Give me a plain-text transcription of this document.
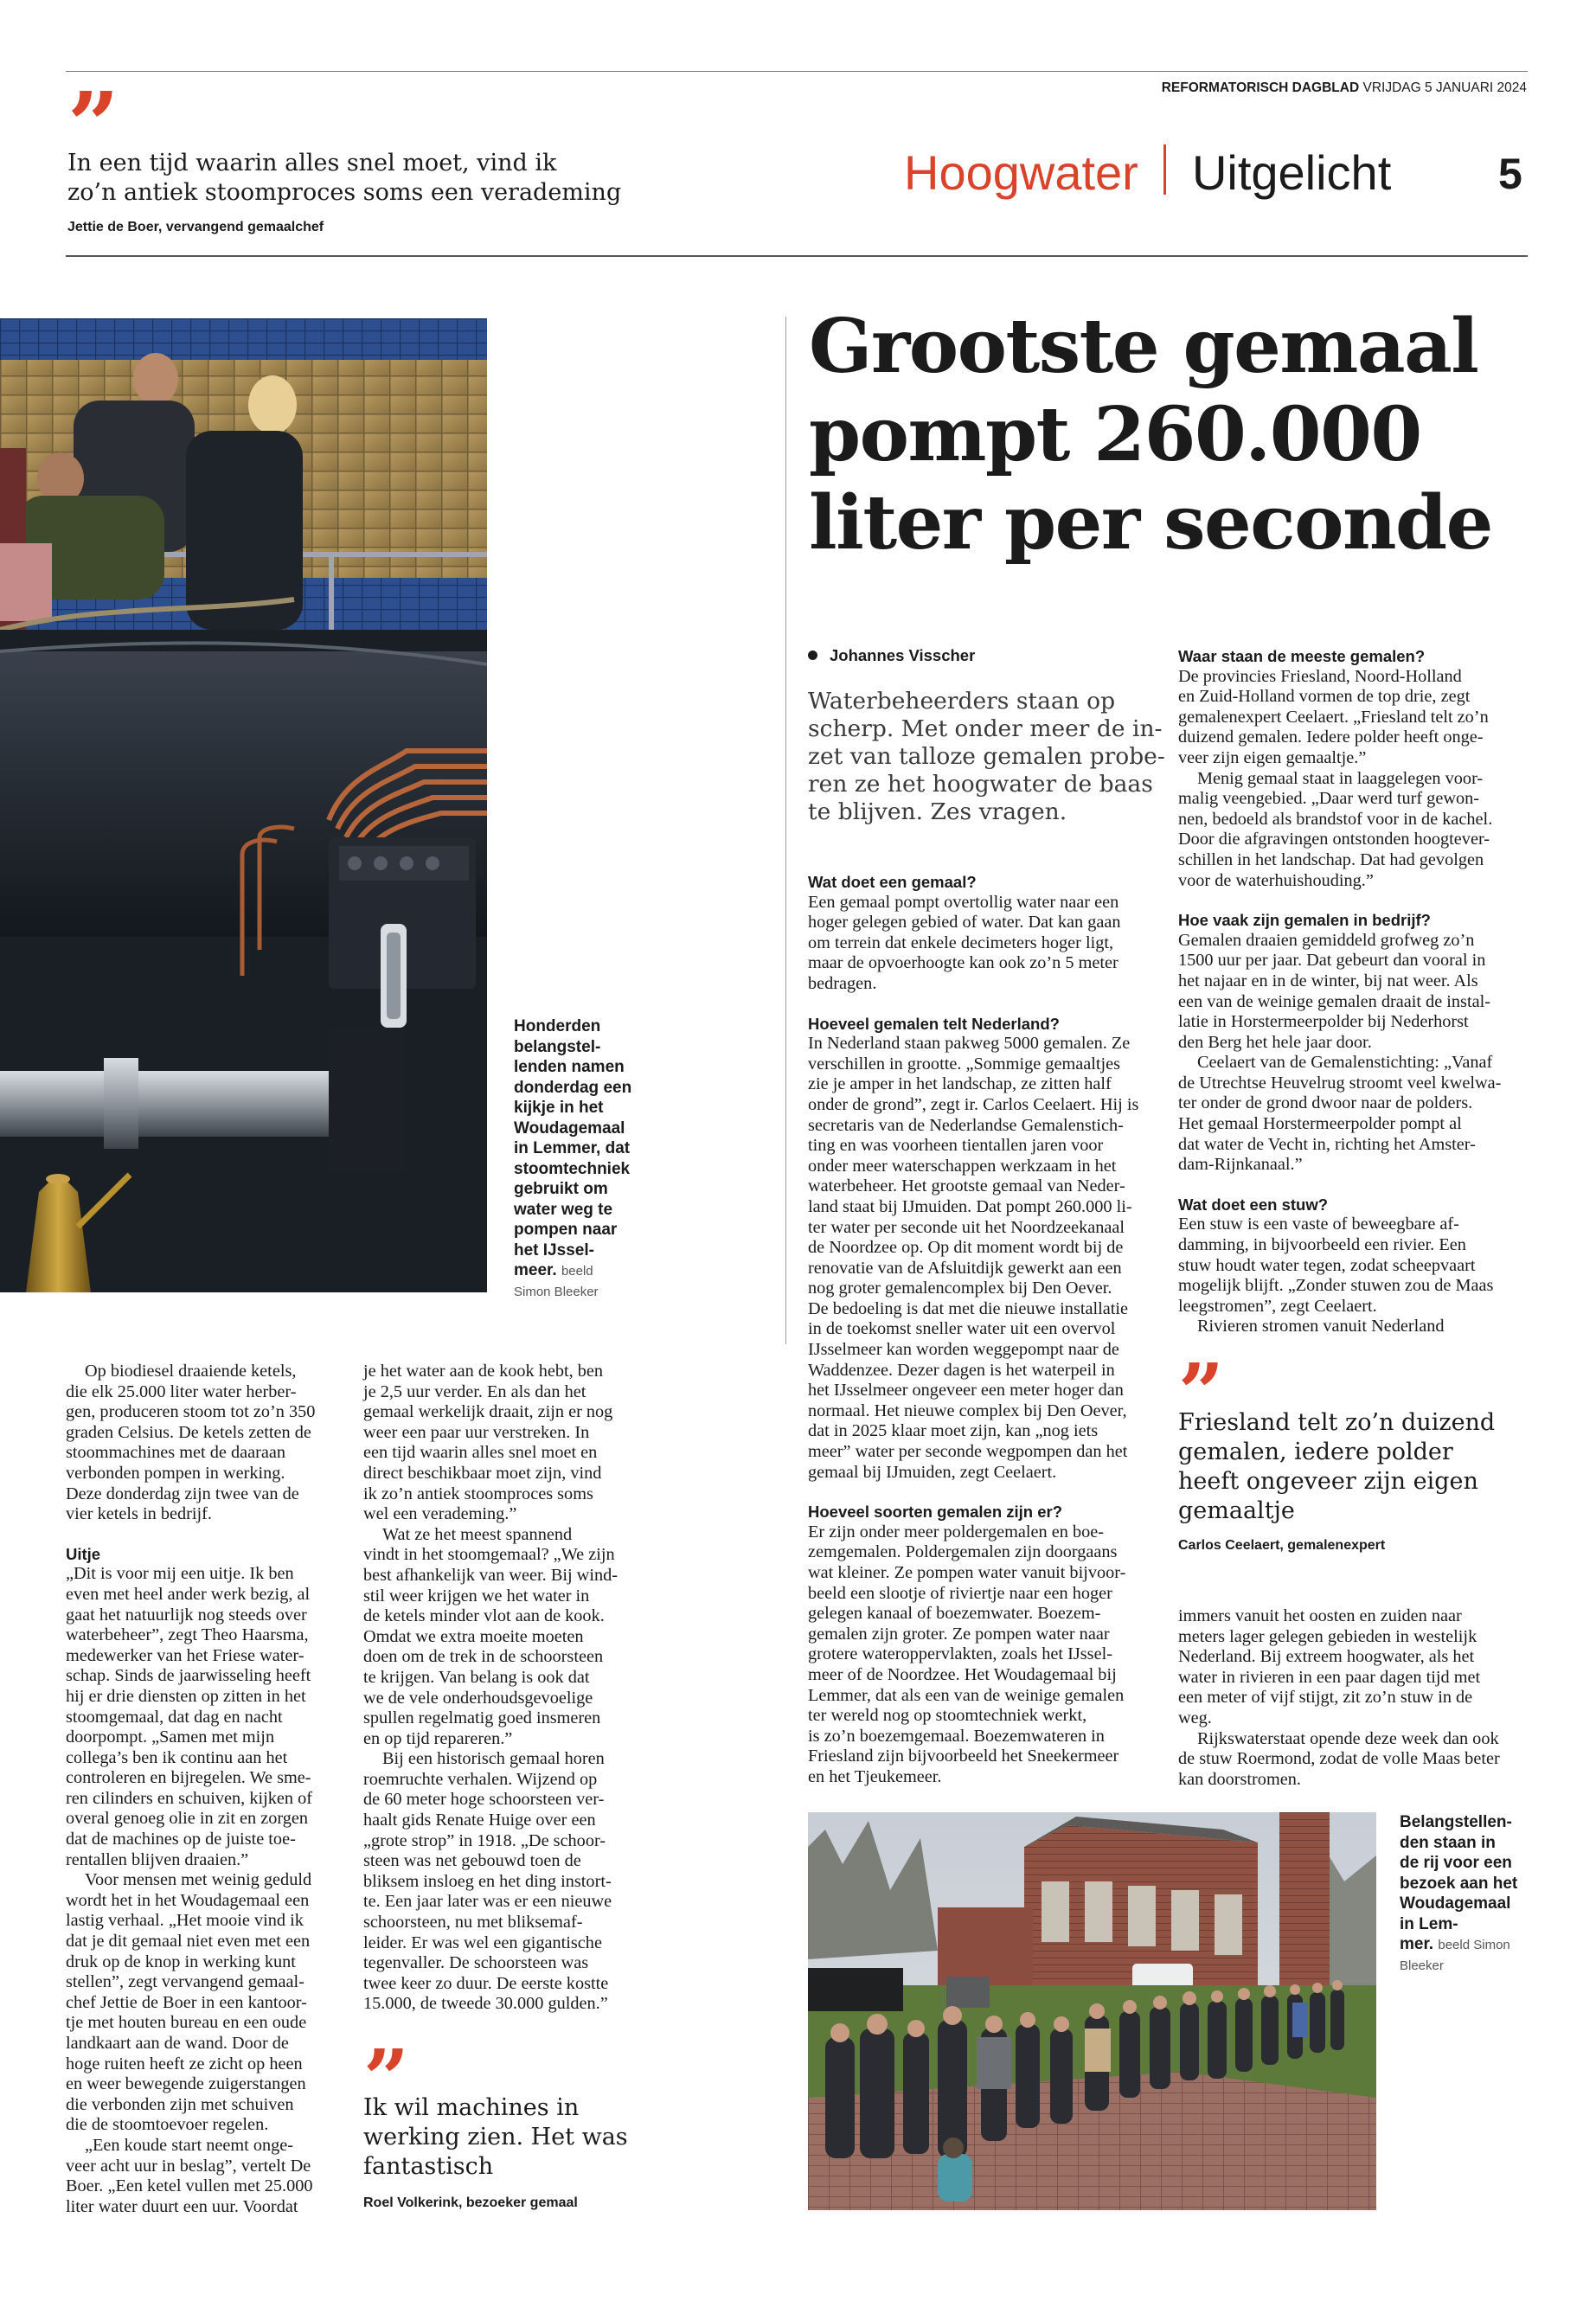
REFORMATORISCH DAGBLAD VRIJDAG 5 JANUARI 2024
”
In een tijd waarin alles snel moet, vind ik
zo’n antiek stoomproces soms een verademing
Jettie de Boer, vervangend gemaalchef
Hoogwater Uitgelicht 5
Honderden
belangstel-
lenden namen
donderdag een
kijkje in het
Woudagemaal
in Lemmer, dat
stoomtechniek
gebruikt om
water weg te
pompen naar
het IJssel-
meer. beeld
Simon Bleeker
Grootste gemaal
pompt 260.000
liter per seconde
Johannes Visscher
Waterbeheerders staan op
scherp. Met onder meer de in-
zet van talloze gemalen probe-
ren ze het hoogwater de baas
te blijven. Zes vragen.

Op biodiesel draaiende ketels,

die elk 25.000 liter water herber-

gen, produceren stoom tot zo’n 350

graden Celsius. De ketels zetten de

stoommachines met de daaraan

verbonden pompen in werking.

Deze donderdag zijn twee van de

vier ketels in bedrijf.

Uitje

„Dit is voor mij een uitje. Ik ben

even met heel ander werk bezig, al

gaat het natuurlijk nog steeds over

waterbeheer”, zegt Theo Haarsma,

medewerker van het Friese water-

schap. Sinds de jaarwisseling heeft

hij er drie diensten op zitten in het

stoomgemaal, dat dag en nacht

doorpompt. „Samen met mijn

collega’s ben ik continu aan het

controleren en bijregelen. We sme-

ren cilinders en schuiven, kijken of

overal genoeg olie in zit en zorgen

dat de machines op de juiste toe-

rentallen blijven draaien.”

Voor mensen met weinig geduld

wordt het in het Woudagemaal een

lastig verhaal. „Het mooie vind ik

dat je dit gemaal niet even met een

druk op de knop in werking kunt

stellen”, zegt vervangend gemaal-

chef Jettie de Boer in een kantoor-

tje met houten bureau en een oude

landkaart aan de wand. Door de

hoge ruiten heeft ze zicht op heen

en weer bewegende zuigerstangen

die verbonden zijn met schuiven

die de stoomtoevoer regelen.

„Een koude start neemt onge-

veer acht uur in beslag”, vertelt De

Boer. „Een ketel vullen met 25.000

liter water duurt een uur. Voordat

je het water aan de kook hebt, ben

je 2,5 uur verder. En als dan het

gemaal werkelijk draait, zijn er nog

weer een paar uur verstreken. In

een tijd waarin alles snel moet en

direct beschikbaar moet zijn, vind

ik zo’n antiek stoomproces soms

wel een verademing.”

Wat ze het meest spannend

vindt in het stoomgemaal? „We zijn

best afhankelijk van weer. Bij wind-

stil weer krijgen we het water in

de ketels minder vlot aan de kook.

Omdat we extra moeite moeten

doen om de trek in de schoorsteen

te krijgen. Van belang is ook dat

we de vele onderhoudsgevoelige

spullen regelmatig goed insmeren

en op tijd repareren.”

Bij een historisch gemaal horen

roemruchte verhalen. Wijzend op

de 60 meter hoge schoorsteen ver-

haalt gids Renate Huige over een

„grote strop” in 1918. „De schoor-

steen was net gebouwd toen de

bliksem insloeg en het ding instort-

te. Een jaar later was er een nieuwe

schoorsteen, nu met bliksemaf-

leider. Er was wel een gigantische

tegenvaller. De schoorsteen was

twee keer zo duur. De eerste kostte

15.000, de tweede 30.000 gulden.”

Wat doet een gemaal?

Een gemaal pompt overtollig water naar een

hoger gelegen gebied of water. Dat kan gaan

om terrein dat enkele decimeters hoger ligt,

maar de opvoerhoogte kan ook zo’n 5 meter

bedragen.

Hoeveel gemalen telt Nederland?

In Nederland staan pakweg 5000 gemalen. Ze

verschillen in grootte. „Sommige gemaaltjes

zie je amper in het landschap, ze zitten half

onder de grond”, zegt ir. Carlos Ceelaert. Hij is

secretaris van de Nederlandse Gemalenstich-

ting en was voorheen tientallen jaren voor

onder meer waterschappen werkzaam in het

waterbeheer. Het grootste gemaal van Neder-

land staat bij IJmuiden. Dat pompt 260.000 li-

ter water per seconde uit het Noordzeekanaal

de Noordzee op. Op dit moment wordt bij de

renovatie van de Afsluitdijk gewerkt aan een

nog groter gemalencomplex bij Den Oever.

De bedoeling is dat met die nieuwe installatie

in de toekomst sneller water uit een overvol

IJsselmeer kan worden weggepompt naar de

Waddenzee. Dezer dagen is het waterpeil in

het IJsselmeer ongeveer een meter hoger dan

normaal. Het nieuwe complex bij Den Oever,

dat in 2025 klaar moet zijn, kan „nog iets

meer” water per seconde wegpompen dan het

gemaal bij IJmuiden, zegt Ceelaert.

Hoeveel soorten gemalen zijn er?

Er zijn onder meer poldergemalen en boe-

zemgemalen. Poldergemalen zijn doorgaans

wat kleiner. Ze pompen water vanuit bijvoor-

beeld een slootje of riviertje naar een hoger

gelegen kanaal of boezemwater. Boezem-

gemalen zijn groter. Ze pompen water naar

grotere wateroppervlakten, zoals het IJssel-

meer of de Noordzee. Het Woudagemaal bij

Lemmer, dat als een van de weinige gemalen

ter wereld nog op stoomtechniek werkt,

is zo’n boezemgemaal. Boezemwateren in

Friesland zijn bijvoorbeeld het Sneekermeer

en het Tjeukemeer.

Waar staan de meeste gemalen?

De provincies Friesland, Noord-Holland

en Zuid-Holland vormen de top drie, zegt

gemalenexpert Ceelaert. „Friesland telt zo’n

duizend gemalen. Iedere polder heeft onge-

veer zijn eigen gemaaltje.”

Menig gemaal staat in laaggelegen voor-

malig veengebied. „Daar werd turf gewon-

nen, bedoeld als brandstof voor in de kachel.

Door die afgravingen ontstonden hoogtever-

schillen in het landschap. Dat had gevolgen

voor de waterhuishouding.”

Hoe vaak zijn gemalen in bedrijf?

Gemalen draaien gemiddeld grofweg zo’n

1500 uur per jaar. Dat gebeurt dan vooral in

het najaar en in de winter, bij nat weer. Als

een van de weinige gemalen draait de instal-

latie in Horstermeerpolder bij Nederhorst

den Berg het hele jaar door.

Ceelaert van de Gemalenstichting: „Vanaf

de Utrechtse Heuvelrug stroomt veel kwelwa-

ter onder de grond dwoor naar de polders.

Het gemaal Horstermeerpolder pompt al

dat water de Vecht in, richting het Amster-

dam-Rijnkanaal.”

Wat doet een stuw?

Een stuw is een vaste of beweegbare af-

damming, in bijvoorbeeld een rivier. Een

stuw houdt water tegen, zodat scheepvaart

mogelijk blijft. „Zonder stuwen zou de Maas

leegstromen”, zegt Ceelaert.

Rivieren stromen vanuit Nederland

immers vanuit het oosten en zuiden naar

meters lager gelegen gebieden in westelijk

Nederland. Bij extreem hoogwater, als het

water in rivieren in een paar dagen tijd met

een meter of vijf stijgt, zit zo’n stuw in de

weg.

Rijkswaterstaat opende deze week dan ook

de stuw Roermond, zodat de volle Maas beter

kan doorstromen.

”
Friesland telt zo’n duizend
gemalen, iedere polder
heeft ongeveer zijn eigen
gemaaltje
Carlos Ceelaert, gemalenexpert
”
Ik wil machines in
werking zien. Het was
fantastisch
Roel Volkerink, bezoeker gemaal
Belangstellen-
den staan in
de rij voor een
bezoek aan het
Woudagemaal
in Lem-
mer. beeld Simon
Bleeker
